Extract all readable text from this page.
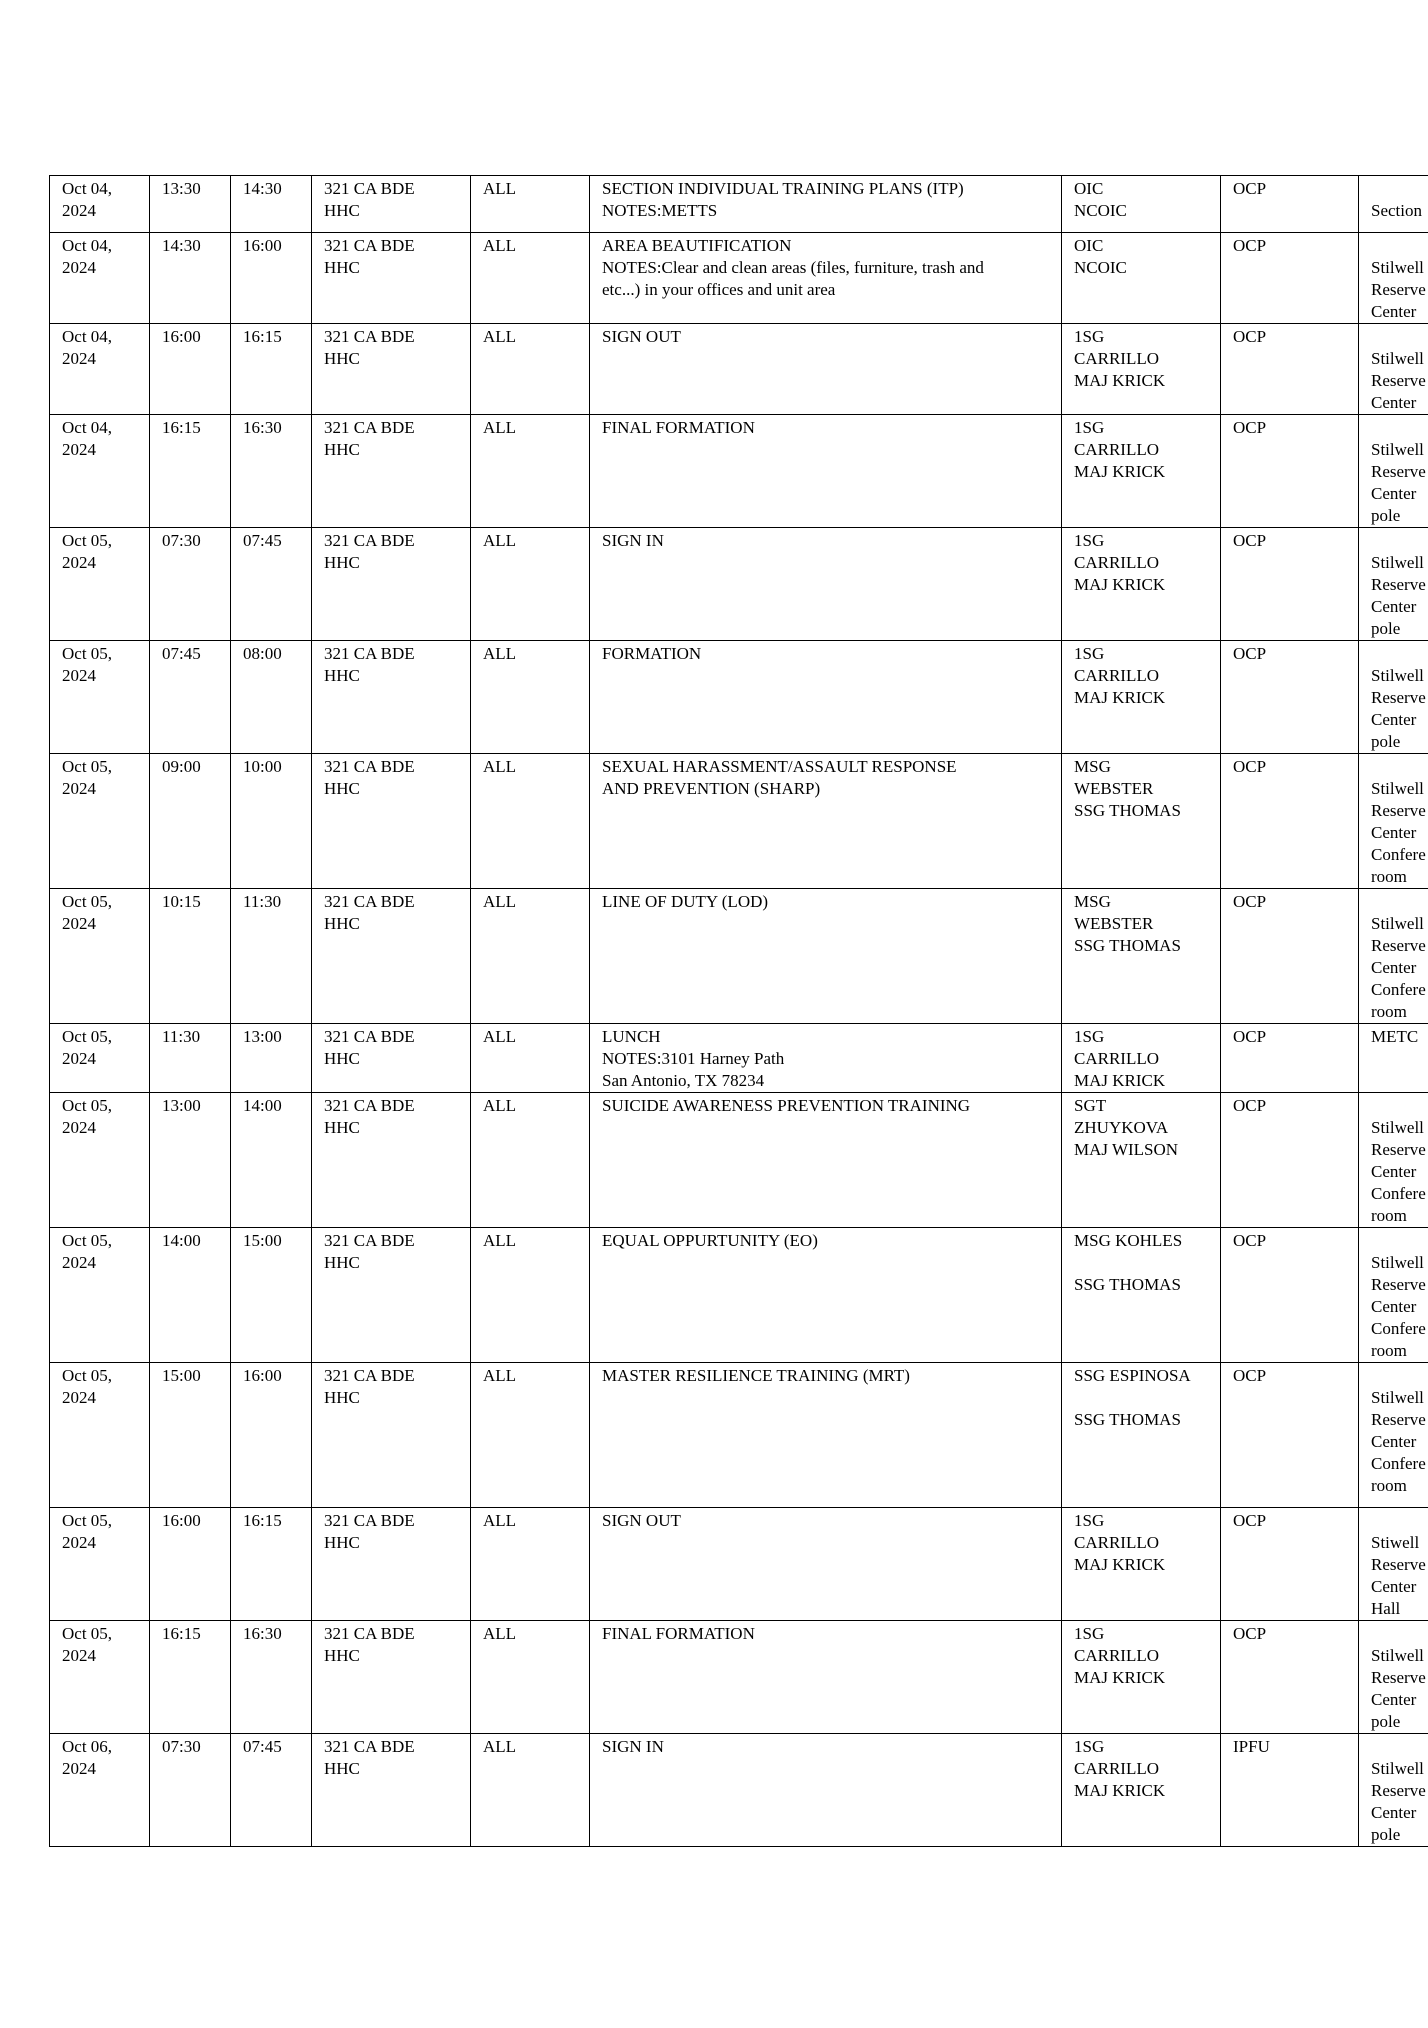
Oct 04,
2024	13:30	14:30	321 CA BDE
HHC	ALL	SECTION INDIVIDUAL TRAINING PLANS (ITP)
NOTES:METTS	OIC
NCOIC	OCP	Section

Oct 04,
2024	14:30	16:00	321 CA BDE
HHC	ALL	AREA BEAUTIFICATION
NOTES:Clear and clean areas (files, furniture, trash and
etc...) in your offices and unit area	OIC
NCOIC	OCP	Stilwell
Reserve
Center

Oct 04,
2024	16:00	16:15	321 CA BDE
HHC	ALL	SIGN OUT	1SG
CARRILLO
MAJ KRICK	OCP	Stilwell
Reserve
Center

Oct 04,
2024	16:15	16:30	321 CA BDE
HHC	ALL	FINAL FORMATION	1SG
CARRILLO
MAJ KRICK	OCP	Stilwell
Reserve
Center
pole

Oct 05,
2024	07:30	07:45	321 CA BDE
HHC	ALL	SIGN IN	1SG
CARRILLO
MAJ KRICK	OCP	Stilwell
Reserve
Center
pole

Oct 05,
2024	07:45	08:00	321 CA BDE
HHC	ALL	FORMATION	1SG
CARRILLO
MAJ KRICK	OCP	Stilwell
Reserve
Center
pole

Oct 05,
2024	09:00	10:00	321 CA BDE
HHC	ALL	SEXUAL HARASSMENT/ASSAULT RESPONSE
AND PREVENTION (SHARP)	MSG
WEBSTER
SSG THOMAS	OCP	Stilwell
Reserve
Center
Confere
room

Oct 05,
2024	10:15	11:30	321 CA BDE
HHC	ALL	LINE OF DUTY (LOD)	MSG
WEBSTER
SSG THOMAS	OCP	Stilwell
Reserve
Center
Confere
room

Oct 05,
2024	11:30	13:00	321 CA BDE
HHC	ALL	LUNCH
NOTES:3101 Harney Path
San Antonio, TX 78234	1SG
CARRILLO
MAJ KRICK	OCP	METC

Oct 05,
2024	13:00	14:00	321 CA BDE
HHC	ALL	SUICIDE AWARENESS PREVENTION TRAINING	SGT
ZHUYKOVA
MAJ WILSON	OCP	Stilwell
Reserve
Center
Confere
room

Oct 05,
2024	14:00	15:00	321 CA BDE
HHC	ALL	EQUAL OPPURTUNITY (EO)	MSG KOHLES
SSG THOMAS	OCP	Stilwell
Reserve
Center
Confere
room

Oct 05,
2024	15:00	16:00	321 CA BDE
HHC	ALL	MASTER RESILIENCE TRAINING (MRT)	SSG ESPINOSA
SSG THOMAS	OCP	Stilwell
Reserve
Center
Confere
room

Oct 05,
2024	16:00	16:15	321 CA BDE
HHC	ALL	SIGN OUT	1SG
CARRILLO
MAJ KRICK	OCP	Stiwell
Reserve
Center
Hall

Oct 05,
2024	16:15	16:30	321 CA BDE
HHC	ALL	FINAL FORMATION	1SG
CARRILLO
MAJ KRICK	OCP	Stilwell
Reserve
Center
pole

Oct 06,
2024	07:30	07:45	321 CA BDE
HHC	ALL	SIGN IN	1SG
CARRILLO
MAJ KRICK	IPFU	Stilwell
Reserve
Center
pole
